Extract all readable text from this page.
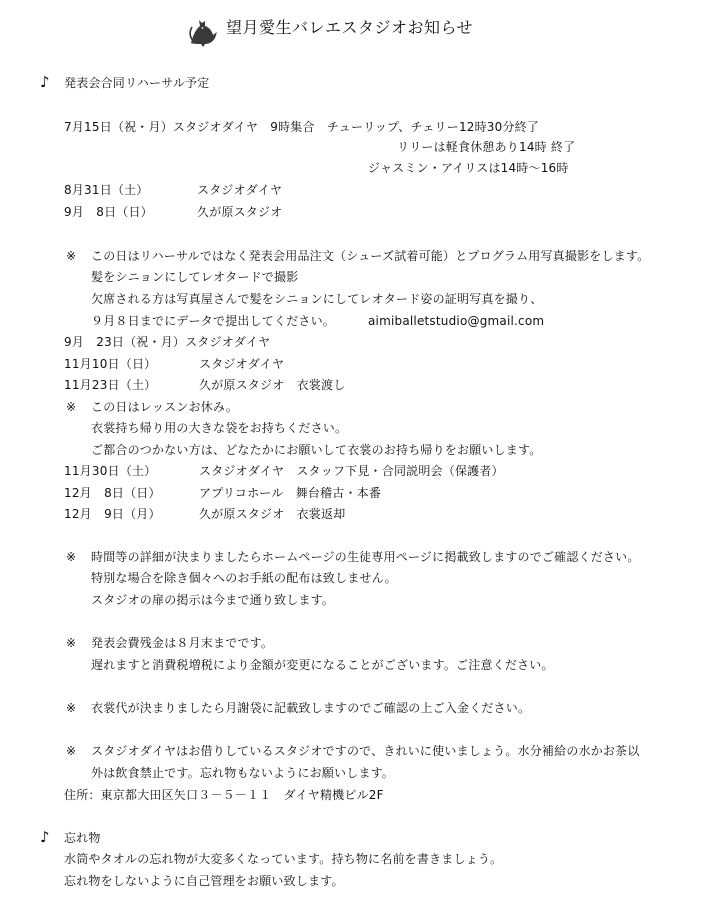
望月愛生バレエスタジオお知らせ
♪ 発表会合同リハーサル予定
7月15日（祝・月）スタジオダイヤ　9時集合　チューリップ、チェリー12時30分終了
リリーは軽食休憩あり14時 終了
ジャスミン・アイリスは14時～16時
8月31日（土）	スタジオダイヤ
9月　8日（日）	久が原スタジオ
※ この日はリハーサルではなく発表会用品注文（シューズ試着可能）とプログラム用写真撮影をします。
髪をシニョンにしてレオタードで撮影
欠席される方は写真屋さんで髪をシニョンにしてレオタード姿の証明写真を撮り、
９月８日までにデータで提出してください。	aimiballetstudio@gmail.com
9月　23日（祝・月）スタジオダイヤ
11月10日（日）	スタジオダイヤ
11月23日（土）	久が原スタジオ　衣裳渡し
※ この日はレッスンお休み。
衣裳持ち帰り用の大きな袋をお持ちください。
ご都合のつかない方は、どなたかにお願いして衣裳のお持ち帰りをお願いします。
11月30日（土）	スタジオダイヤ　スタッフ下見・合同説明会（保護者）
12月　8日（日）	アプリコホール　舞台稽古・本番
12月　9日（月）	久が原スタジオ　衣裳返却
※ 時間等の詳細が決まりましたらホームページの生徒専用ページに掲載致しますのでご確認ください。
特別な場合を除き個々へのお手紙の配布は致しません。
スタジオの扉の掲示は今まで通り致します。
※ 発表会費残金は８月末までです。
遅れますと消費税増税により金額が変更になることがございます。ご注意ください。
※ 衣裳代が決まりましたら月謝袋に記載致しますのでご確認の上ご入金ください。
※ スタジオダイヤはお借りしているスタジオですので、きれいに使いましょう。水分補給の水かお茶以
外は飲食禁止です。忘れ物もないようにお願いします。
住所：東京都大田区矢口３－５－１１　ダイヤ精機ビル2F
♪ 忘れ物
水筒やタオルの忘れ物が大変多くなっています。持ち物に名前を書きましょう。
忘れ物をしないように自己管理をお願い致します。
